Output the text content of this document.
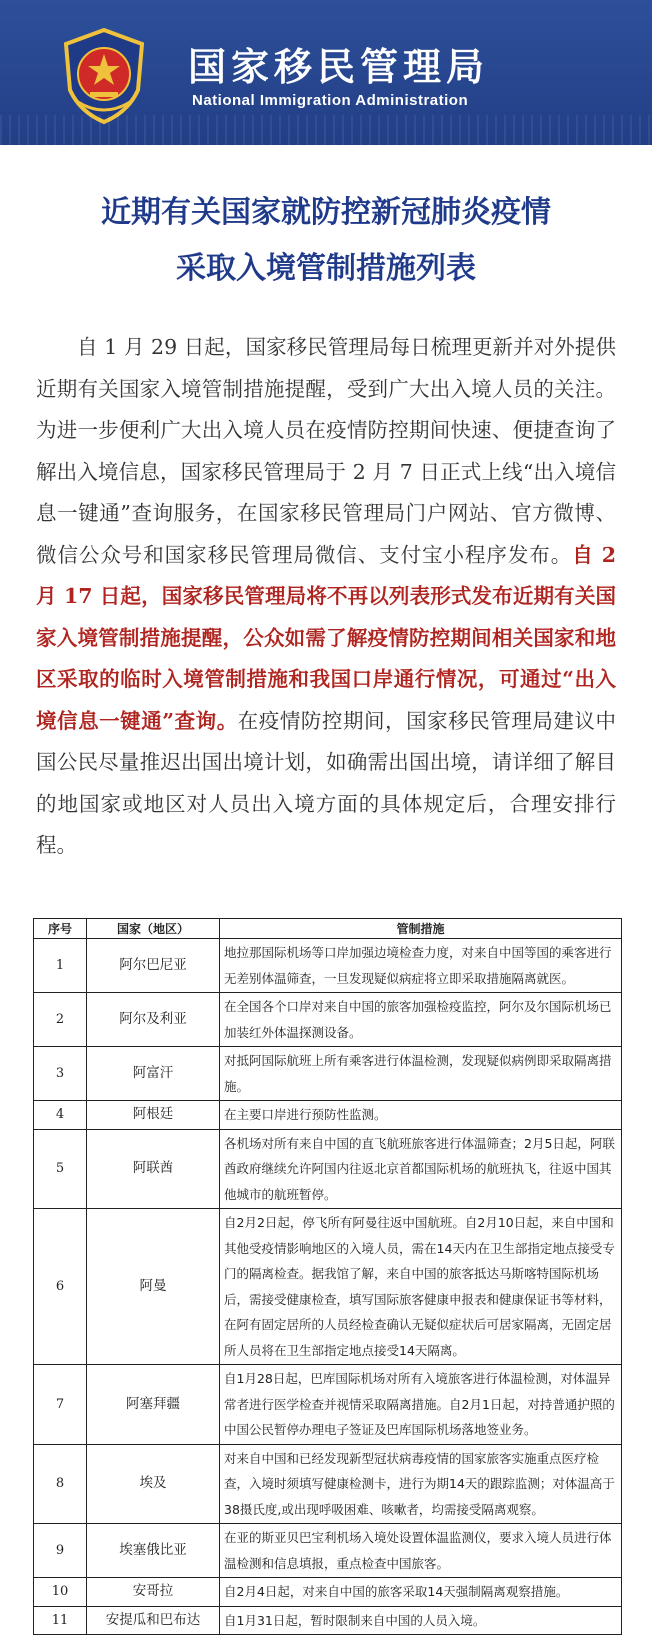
国家移民管理局
National Immigration Administration
近期有关国家就防控新冠肺炎疫情
采取入境管制措施列表
自 1 月 29 日起，国家移民管理局每日梳理更新并对外提供近期有关国家入境管制措施提醒，受到广大出入境人员的关注。为进一步便利广大出入境人员在疫情防控期间快速、便捷查询了解出入境信息，国家移民管理局于 2 月 7 日正式上线“出入境信息一键通”查询服务，在国家移民管理局门户网站、官方微博、微信公众号和国家移民管理局微信、支付宝小程序发布。自 2 月 17 日起，国家移民管理局将不再以列表形式发布近期有关国家入境管制措施提醒，公众如需了解疫情防控期间相关国家和地区采取的临时入境管制措施和我国口岸通行情况，可通过“出入境信息一键通”查询。在疫情防控期间，国家移民管理局建议中国公民尽量推迟出国出境计划，如确需出国出境，请详细了解目的地国家或地区对人员出入境方面的具体规定后，合理安排行程。
序号	国家（地区）	管制措施
1	阿尔巴尼亚	地拉那国际机场等口岸加强边境检查力度，对来自中国等国的乘客进行无差别体温筛查，一旦发现疑似病症将立即采取措施隔离就医。
2	阿尔及利亚	在全国各个口岸对来自中国的旅客加强检疫监控，阿尔及尔国际机场已加装红外体温探测设备。
3	阿富汗	对抵阿国际航班上所有乘客进行体温检测，发现疑似病例即采取隔离措施。
4	阿根廷	在主要口岸进行预防性监测。
5	阿联酋	各机场对所有来自中国的直飞航班旅客进行体温筛查；2月5日起，阿联酋政府继续允许阿国内往返北京首都国际机场的航班执飞，往返中国其他城市的航班暂停。
6	阿曼	自2月2日起，停飞所有阿曼往返中国航班。自2月10日起，来自中国和其他受疫情影响地区的入境人员，需在14天内在卫生部指定地点接受专门的隔离检查。据我馆了解，来自中国的旅客抵达马斯喀特国际机场后，需接受健康检查，填写国际旅客健康申报表和健康保证书等材料，在阿有固定居所的人员经检查确认无疑似症状后可居家隔离，无固定居所人员将在卫生部指定地点接受14天隔离。
7	阿塞拜疆	自1月28日起，巴库国际机场对所有入境旅客进行体温检测，对体温异常者进行医学检查并视情采取隔离措施。自2月1日起，对持普通护照的中国公民暂停办理电子签证及巴库国际机场落地签业务。
8	埃及	对来自中国和已经发现新型冠状病毒疫情的国家旅客实施重点医疗检查，入境时须填写健康检测卡，进行为期14天的跟踪监测；对体温高于38摄氏度,或出现呼吸困难、咳嗽者，均需接受隔离观察。
9	埃塞俄比亚	在亚的斯亚贝巴宝利机场入境处设置体温监测仪，要求入境人员进行体温检测和信息填报，重点检查中国旅客。
10	安哥拉	自2月4日起，对来自中国的旅客采取14天强制隔离观察措施。
11	安提瓜和巴布达	自1月31日起，暂时限制来自中国的人员入境。
